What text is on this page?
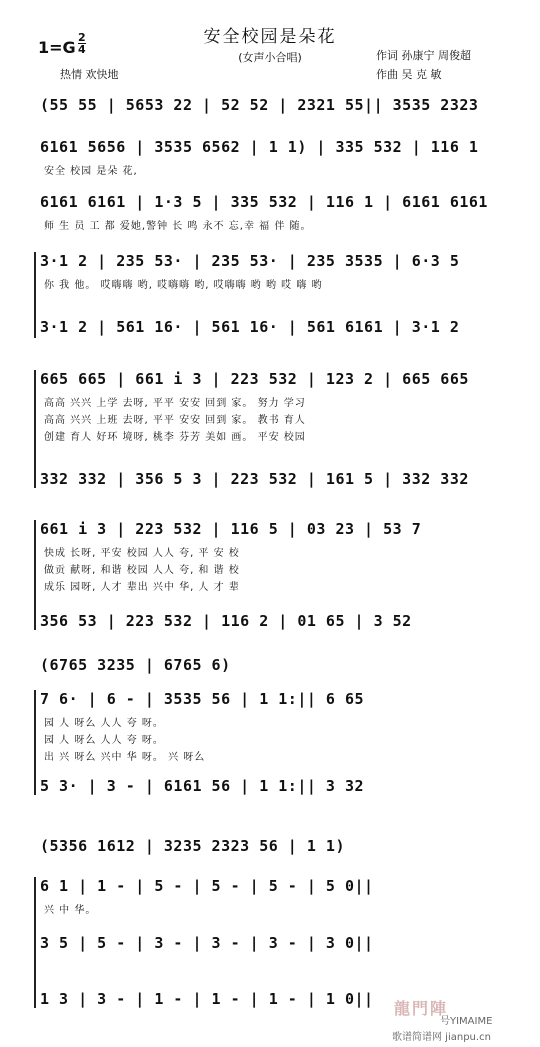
安全校园是朵花
(女声小合唱)
1=G
2
4
热情 欢快地
作词 孙康宁 周俊超
作曲 吴 克 敏
(55 55 | 5653 22 | 52 52 | 2321 55|| 3535 2323
6161 5656 | 3535 6562 | 1 1) | 335 532 | 116 1
安全 校园 是朵 花,
6161 6161 | 1·3 5 | 335 532 | 116 1 | 6161 6161
师 生 员 工 都 爱她,警钟 长 鸣 永不 忘,幸 福 伴 随。
3·1 2 | 235 53· | 235 53· | 235 3535 | 6·3 5
你 我 他。 哎嗨嗨 哟, 哎嗨嗨 哟, 哎嗨嗨 哟 哟 哎 嗨 哟
3·1 2 | 561 16· | 561 16· | 561 6161 | 3·1 2
665 665 | 661 i 3 | 223 532 | 123 2 | 665 665
高高 兴兴 上学 去呀, 平平 安安 回到 家。 努力 学习
高高 兴兴 上班 去呀, 平平 安安 回到 家。 教书 育人
创建 育人 好环 境呀, 桃李 芬芳 美如 画。 平安 校园
332 332 | 356 5 3 | 223 532 | 161 5 | 332 332
661 i 3 | 223 532 | 116 5 | 03 23 | 53 7
快成 长呀, 平安 校园 人人 夸, 平 安 校
做贡 献呀, 和谐 校园 人人 夸, 和 谐 校
成乐 园呀, 人才 辈出 兴中 华, 人 才 辈
356 53 | 223 532 | 116 2 | 01 65 | 3 52
(6765 3235 | 6765 6)
7 6· | 6 - | 3535 56 | 1 1:|| 6 65
园 人 呀么 人人 夸 呀。
园 人 呀么 人人 夸 呀。
出 兴 呀么 兴中 华 呀。 兴 呀么
5 3· | 3 - | 6161 56 | 1 1:|| 3 32
(5356 1612 | 3235 2323 56 | 1 1)
6 1 | 1 - | 5 - | 5 - | 5 - | 5 0||
兴 中 华。
3 5 | 5 - | 3 - | 3 - | 3 - | 3 0||
1 3 | 3 - | 1 - | 1 - | 1 - | 1 0|| 龍門陣
号YIMAIME
歌谱简谱网 jianpu.cn
